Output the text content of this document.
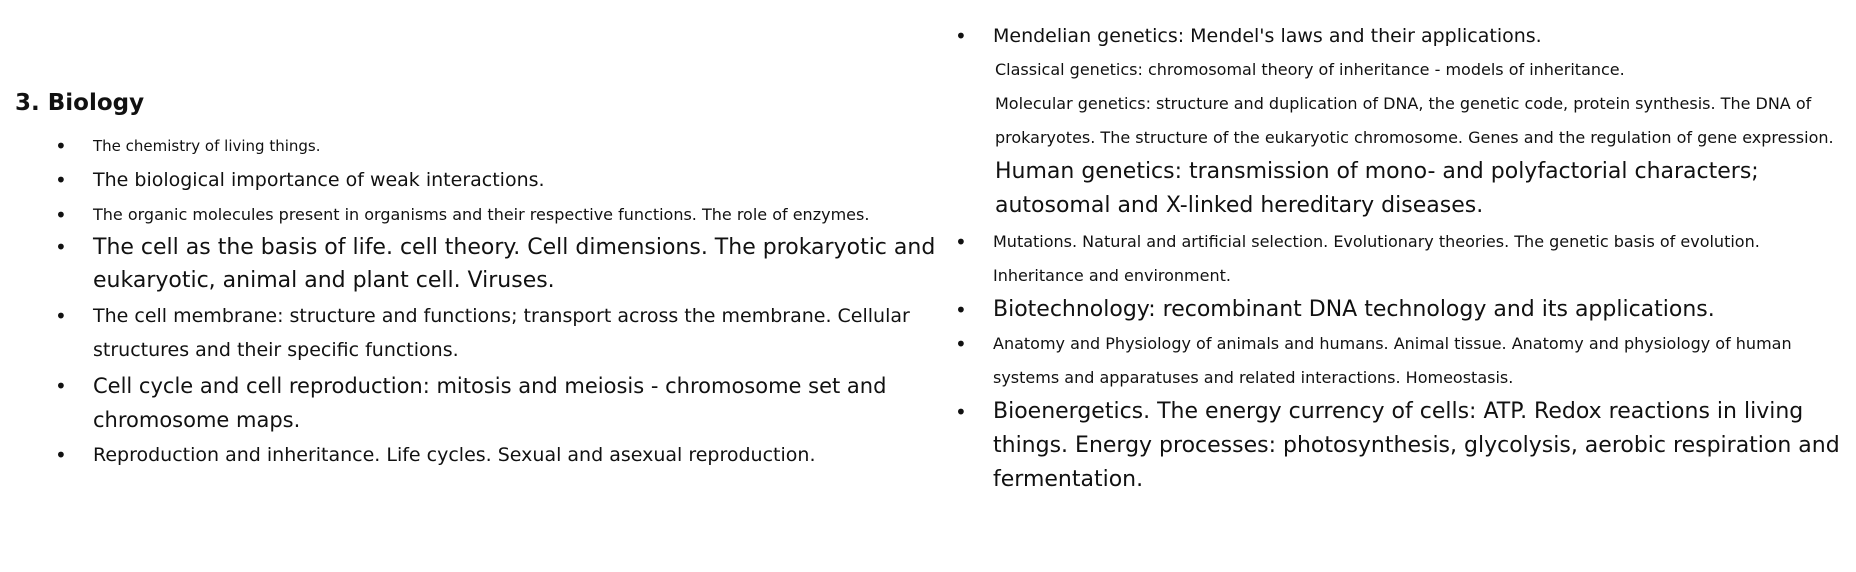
3. Biology
• The chemistry of living things.
• The biological importance of weak interactions.
• The organic molecules present in organisms and their respective functions. The role of enzymes.
• The cell as the basis of life. cell theory. Cell dimensions. The prokaryotic and eukaryotic, animal and plant cell. Viruses.
• The cell membrane: structure and functions; transport across the membrane. Cellular structures and their specific functions.
• Cell cycle and cell reproduction: mitosis and meiosis - chromosome set and chromosome maps.
• Reproduction and inheritance. Life cycles. Sexual and asexual reproduction.
• Mendelian genetics: Mendel's laws and their applications.
Classical genetics: chromosomal theory of inheritance - models of inheritance.
Molecular genetics: structure and duplication of DNA, the genetic code, protein synthesis. The DNA of prokaryotes. The structure of the eukaryotic chromosome. Genes and the regulation of gene expression.
Human genetics: transmission of mono- and polyfactorial characters; autosomal and X-linked hereditary diseases.
• Mutations. Natural and artificial selection. Evolutionary theories. The genetic basis of evolution. Inheritance and environment.
• Biotechnology: recombinant DNA technology and its applications.
• Anatomy and Physiology of animals and humans. Animal tissue. Anatomy and physiology of human systems and apparatuses and related interactions. Homeostasis.
• Bioenergetics. The energy currency of cells: ATP. Redox reactions in living things. Energy processes: photosynthesis, glycolysis, aerobic respiration and fermentation.
